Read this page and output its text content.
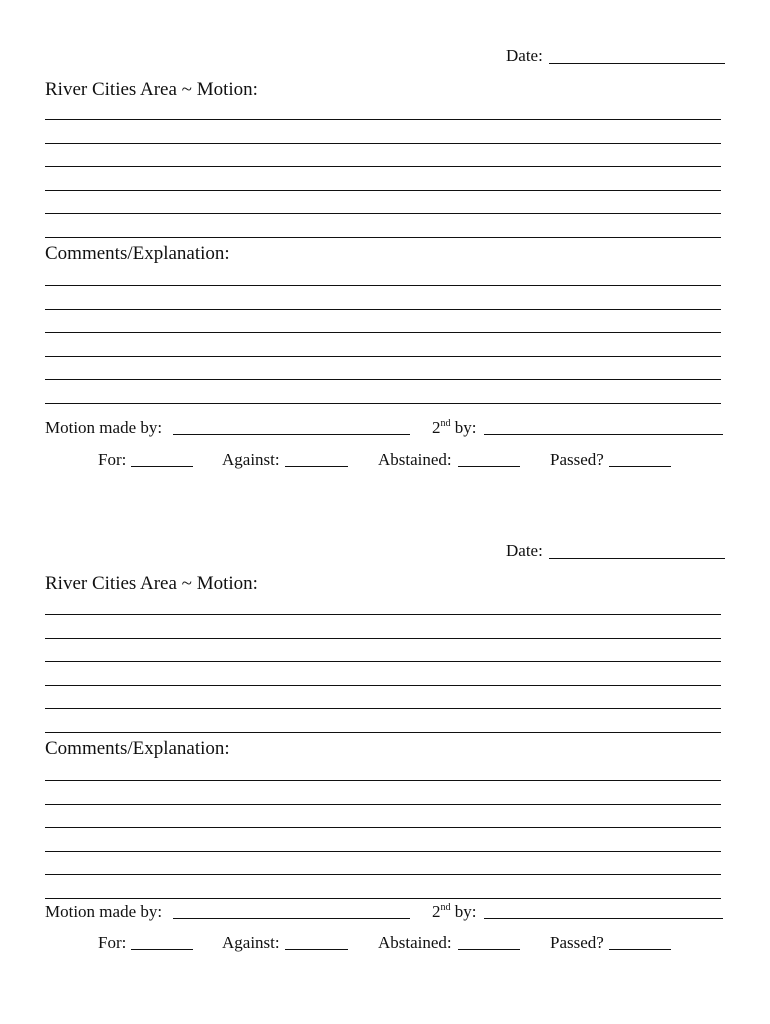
Date:
River Cities Area ~ Motion:
Comments/Explanation:
Motion made by:	2nd by:
For:	Against:	Abstained:	Passed?
Date:
River Cities Area ~ Motion:
Comments/Explanation:
Motion made by:	2nd by:
For:	Against:	Abstained:	Passed?
